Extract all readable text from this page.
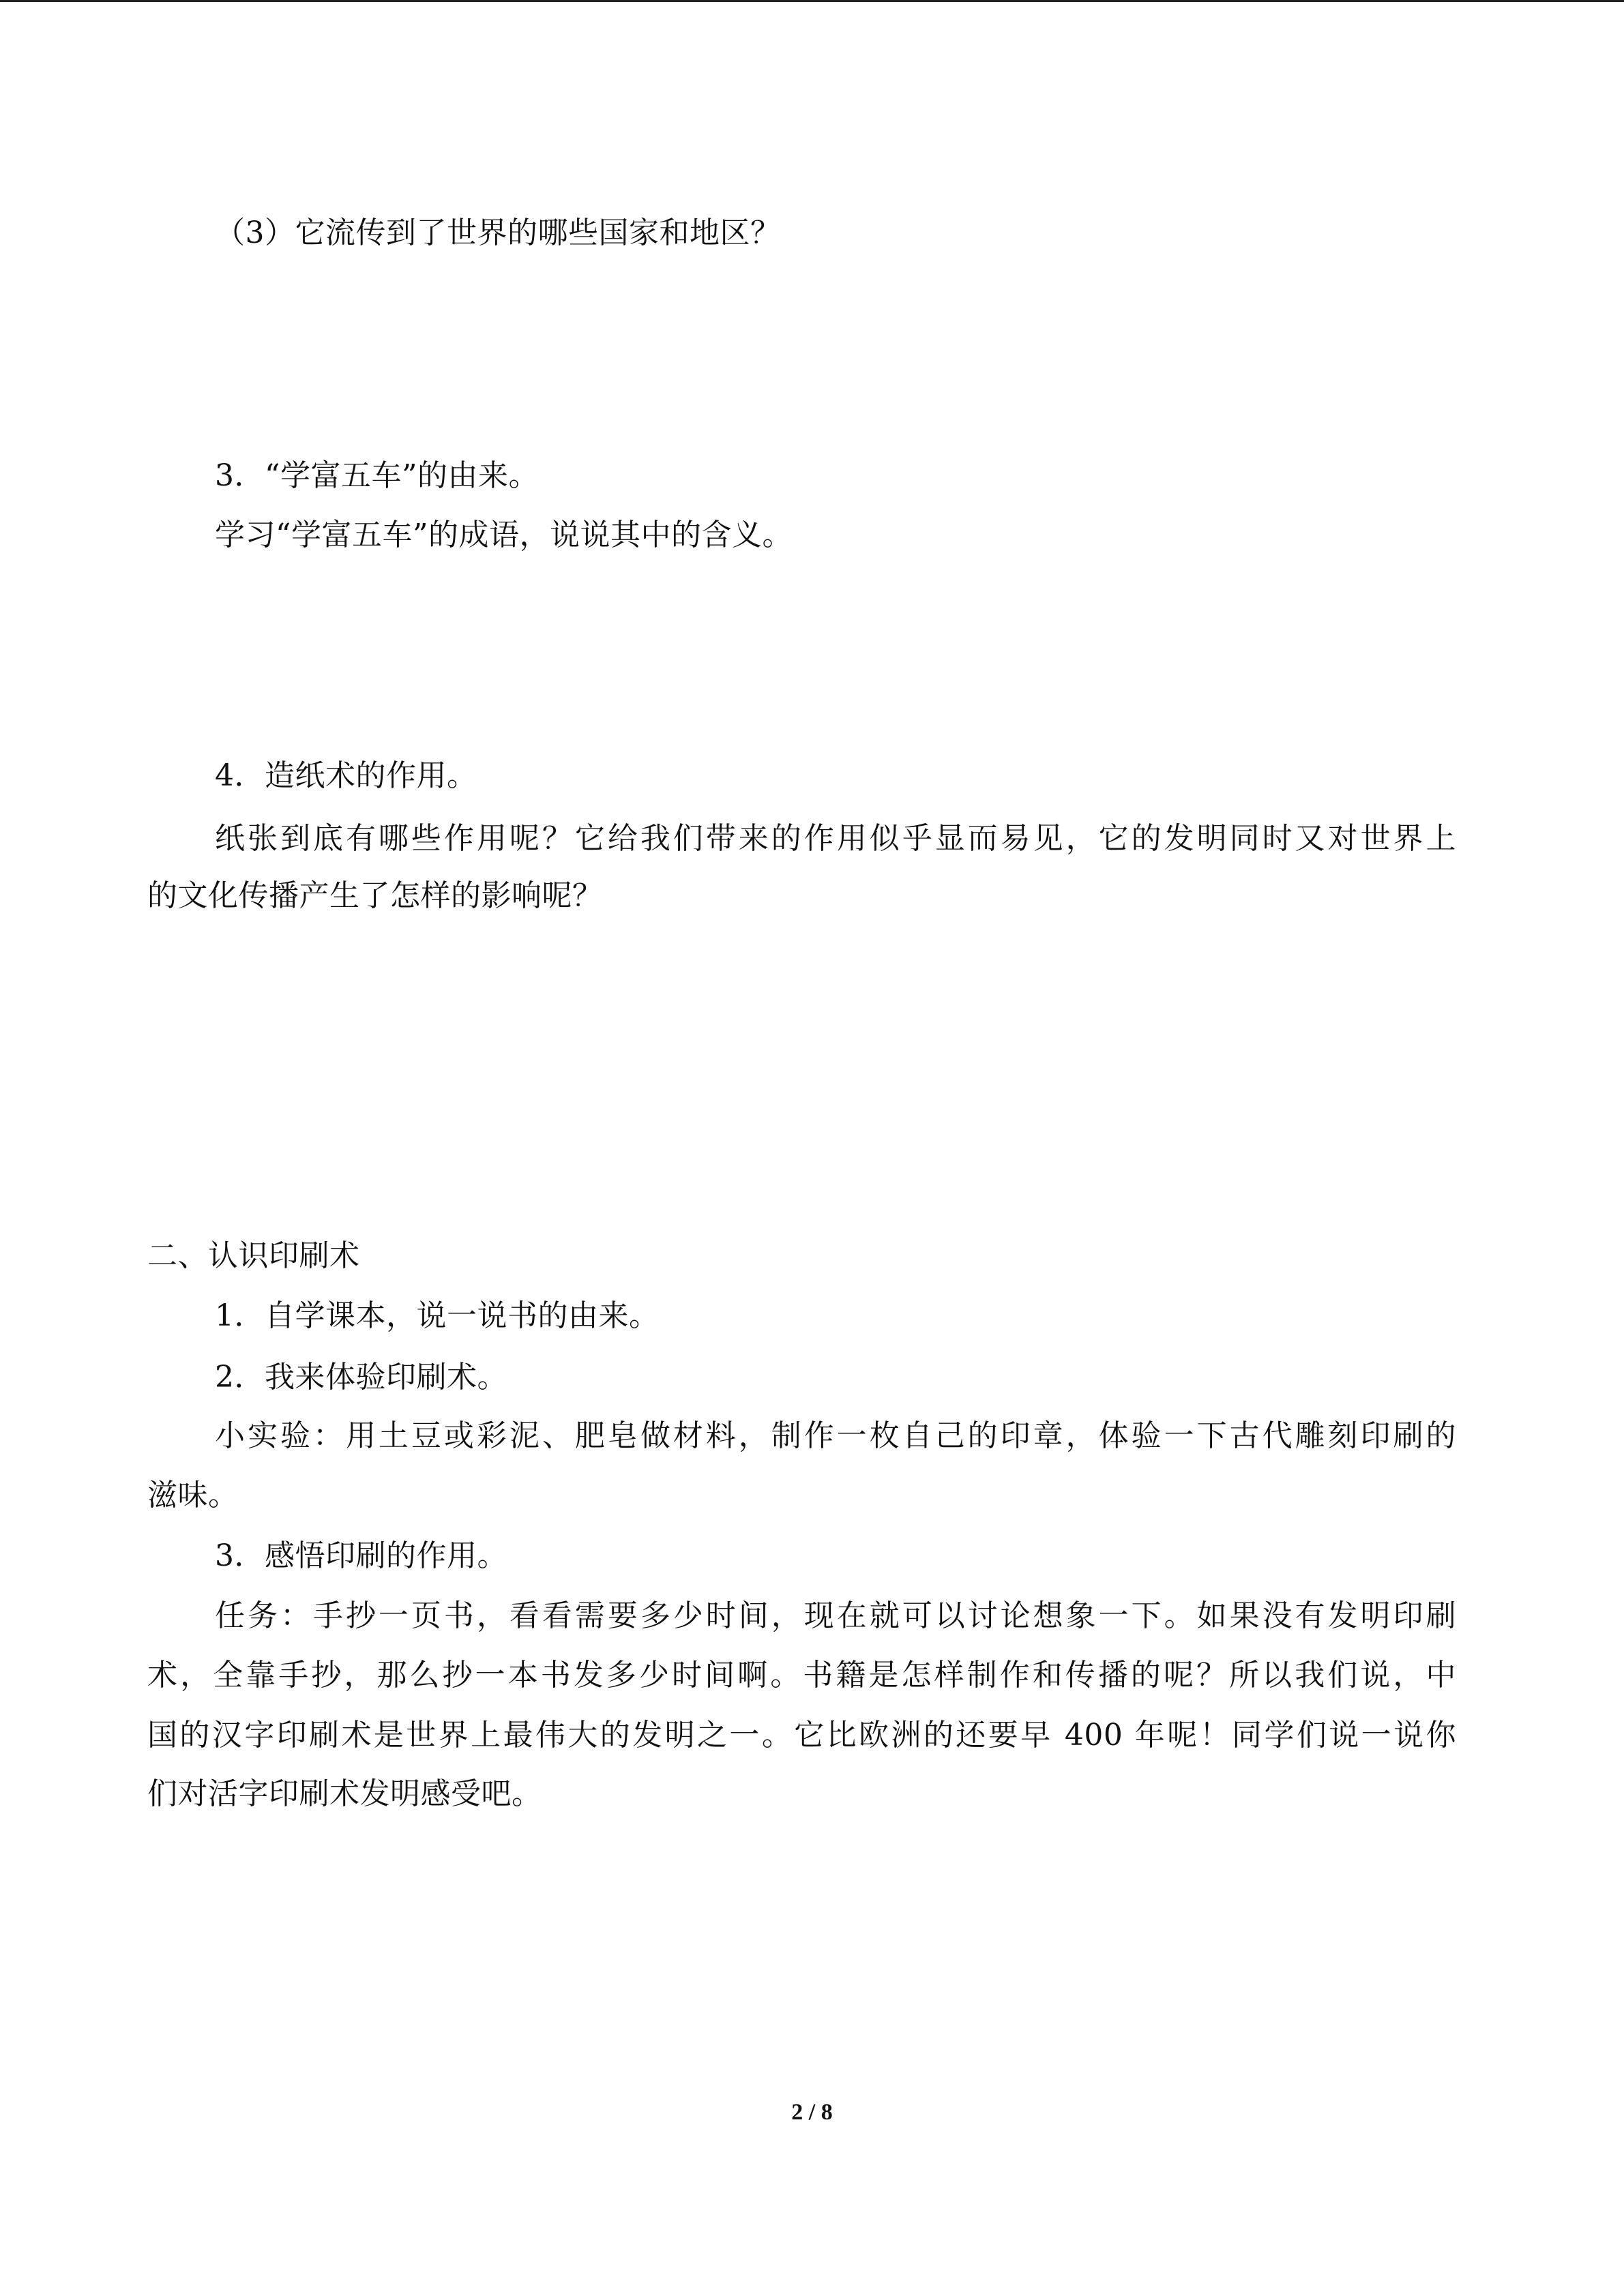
（3）它流传到了世界的哪些国家和地区？

3．“学富五车”的由来。

学习“学富五车”的成语，说说其中的含义。

4．造纸术的作用。

纸张到底有哪些作用呢？它给我们带来的作用似乎显而易见，它的发明同时又对世界上

的文化传播产生了怎样的影响呢？

二、认识印刷术

1．自学课本，说一说书的由来。

2．我来体验印刷术。

小实验：用土豆或彩泥、肥皂做材料，制作一枚自己的印章，体验一下古代雕刻印刷的

滋味。

3．感悟印刷的作用。

任务：手抄一页书，看看需要多少时间，现在就可以讨论想象一下。如果没有发明印刷

术，全靠手抄，那么抄一本书发多少时间啊。书籍是怎样制作和传播的呢？所以我们说，中

国的汉字印刷术是世界上最伟大的发明之一。它比欧洲的还要早 400 年呢！同学们说一说你

们对活字印刷术发明感受吧。

2 / 8
